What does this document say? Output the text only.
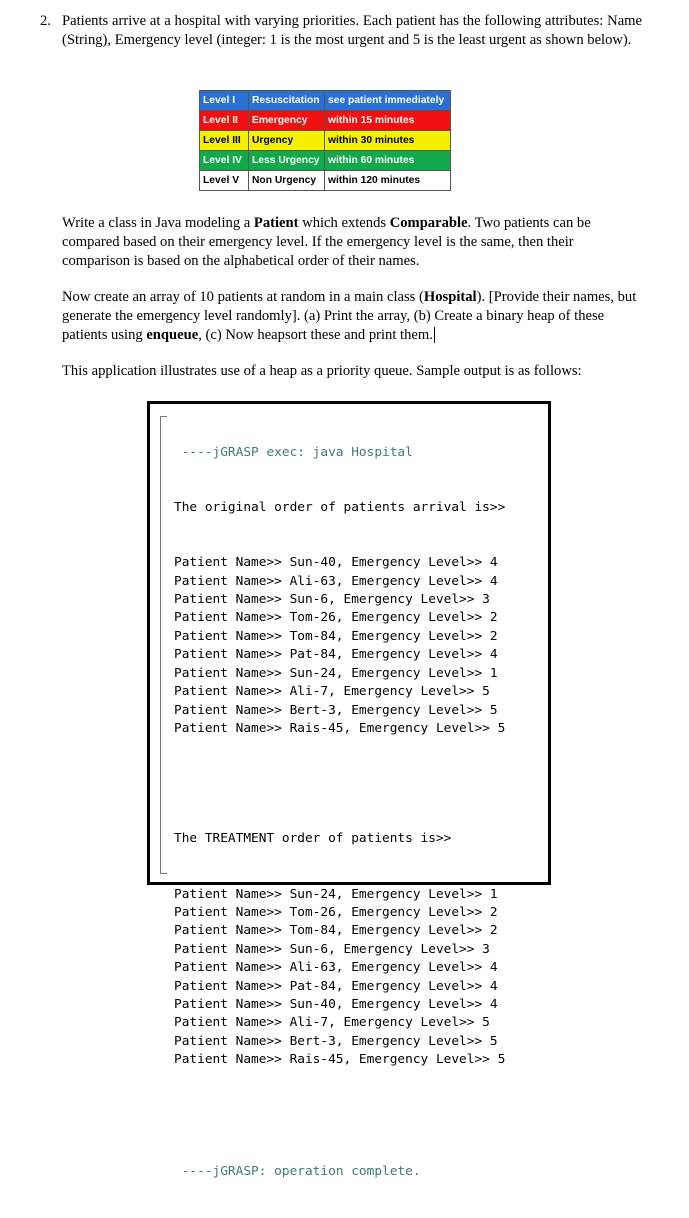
2. Patients arrive at a hospital with varying priorities. Each patient has the following attributes: Name (String), Emergency level (integer: 1 is the most urgent and 5 is the least urgent as shown below).
Level I	Resuscitation	see patient immediately
Level II	Emergency	within 15 minutes
Level III	Urgency	within 30 minutes
Level IV	Less Urgency	within 60 minutes
Level V	Non Urgency	within 120 minutes
Write a class in Java modeling a Patient which extends Comparable. Two patients can be compared based on their emergency level. If the emergency level is the same, then their comparison is based on the alphabetical order of their names.
Now create an array of 10 patients at random in a main class (Hospital). [Provide their names, but generate the emergency level randomly]. (a) Print the array, (b) Create a binary heap of these patients using enqueue, (c) Now heapsort these and print them.
This application illustrates use of a heap as a priority queue. Sample output is as follows:

----jGRASP exec: java Hospital

The original order of patients arrival is>>

Patient Name>> Sun-40, Emergency Level>> 4
Patient Name>> Ali-63, Emergency Level>> 4
Patient Name>> Sun-6, Emergency Level>> 3
Patient Name>> Tom-26, Emergency Level>> 2
Patient Name>> Tom-84, Emergency Level>> 2
Patient Name>> Pat-84, Emergency Level>> 4
Patient Name>> Sun-24, Emergency Level>> 1
Patient Name>> Ali-7, Emergency Level>> 5
Patient Name>> Bert-3, Emergency Level>> 5
Patient Name>> Rais-45, Emergency Level>> 5

The TREATMENT order of patients is>>

Patient Name>> Sun-24, Emergency Level>> 1
Patient Name>> Tom-26, Emergency Level>> 2
Patient Name>> Tom-84, Emergency Level>> 2
Patient Name>> Sun-6, Emergency Level>> 3
Patient Name>> Ali-63, Emergency Level>> 4
Patient Name>> Pat-84, Emergency Level>> 4
Patient Name>> Sun-40, Emergency Level>> 4
Patient Name>> Ali-7, Emergency Level>> 5
Patient Name>> Bert-3, Emergency Level>> 5
Patient Name>> Rais-45, Emergency Level>> 5

----jGRASP: operation complete.
